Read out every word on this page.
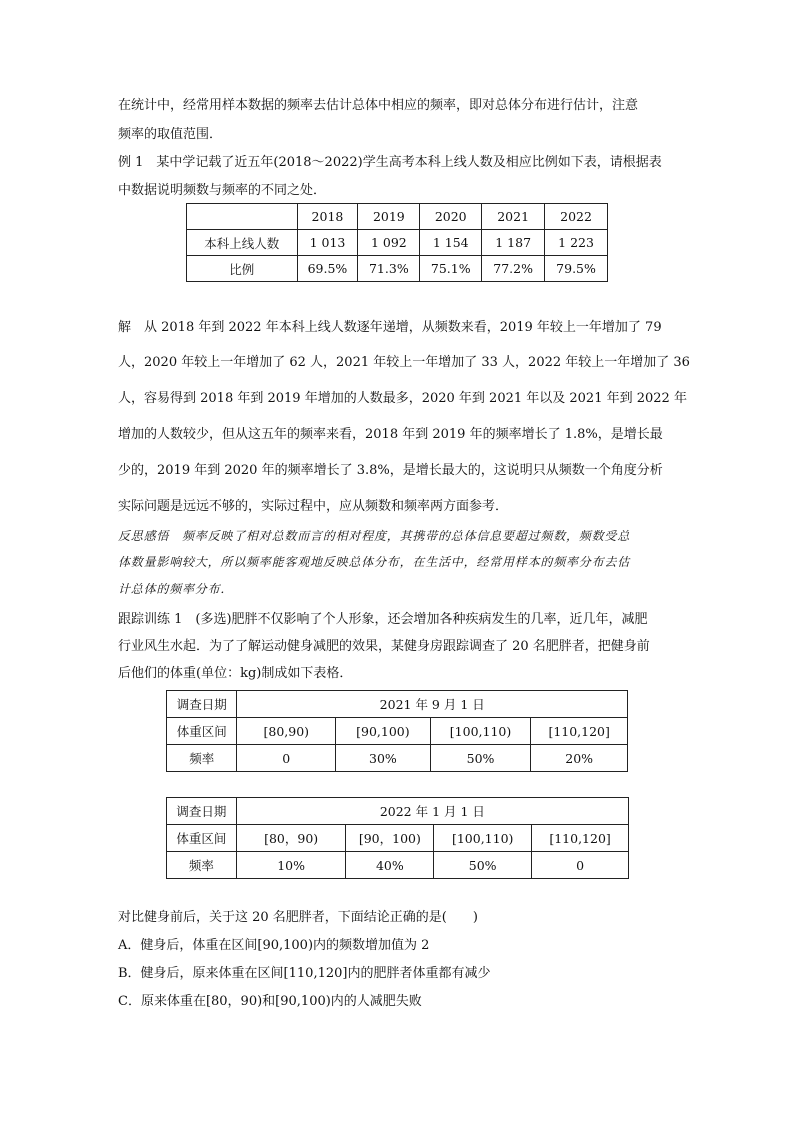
在统计中，经常用样本数据的频率去估计总体中相应的频率，即对总体分布进行估计，注意
频率的取值范围．
例 1　某中学记载了近五年(2018～2022)学生高考本科上线人数及相应比例如下表，请根据表
中数据说明频数与频率的不同之处．
	2018	2019	2020	2021	2022
本科上线人数	1 013	1 092	1 154	1 187	1 223
比例	69.5%	71.3%	75.1%	77.2%	79.5%
解　从 2018 年到 2022 年本科上线人数逐年递增，从频数来看，2019 年较上一年增加了 79
人，2020 年较上一年增加了 62 人，2021 年较上一年增加了 33 人，2022 年较上一年增加了 36
人，容易得到 2018 年到 2019 年增加的人数最多，2020 年到 2021 年以及 2021 年到 2022 年
增加的人数较少，但从这五年的频率来看，2018 年到 2019 年的频率增长了 1.8%，是增长最
少的，2019 年到 2020 年的频率增长了 3.8%，是增长最大的，这说明只从频数一个角度分析
实际问题是远远不够的，实际过程中，应从频数和频率两方面参考．
反思感悟　频率反映了相对总数而言的相对程度，其携带的总体信息要超过频数，频数受总
体数量影响较大，所以频率能客观地反映总体分布，在生活中，经常用样本的频率分布去估
计总体的频率分布．
跟踪训练 1　(多选)肥胖不仅影响了个人形象，还会增加各种疾病发生的几率，近几年，减肥
行业风生水起．为了了解运动健身减肥的效果，某健身房跟踪调查了 20 名肥胖者，把健身前
后他们的体重(单位：kg)制成如下表格．
调查日期	2021 年 9 月 1 日			
体重区间	[80,90)	[90,100)	[100,110)	[110,120]
频率	0	30%	50%	20%
调查日期	2022 年 1 月 1 日			
体重区间	[80，90)	[90，100)	[100,110)	[110,120]
频率	10%	40%	50%	0
对比健身前后，关于这 20 名肥胖者，下面结论正确的是(　　)
A．健身后，体重在区间[90,100)内的频数增加值为 2
B．健身后，原来体重在区间[110,120]内的肥胖者体重都有减少
C．原来体重在[80，90)和[90,100)内的人减肥失败
